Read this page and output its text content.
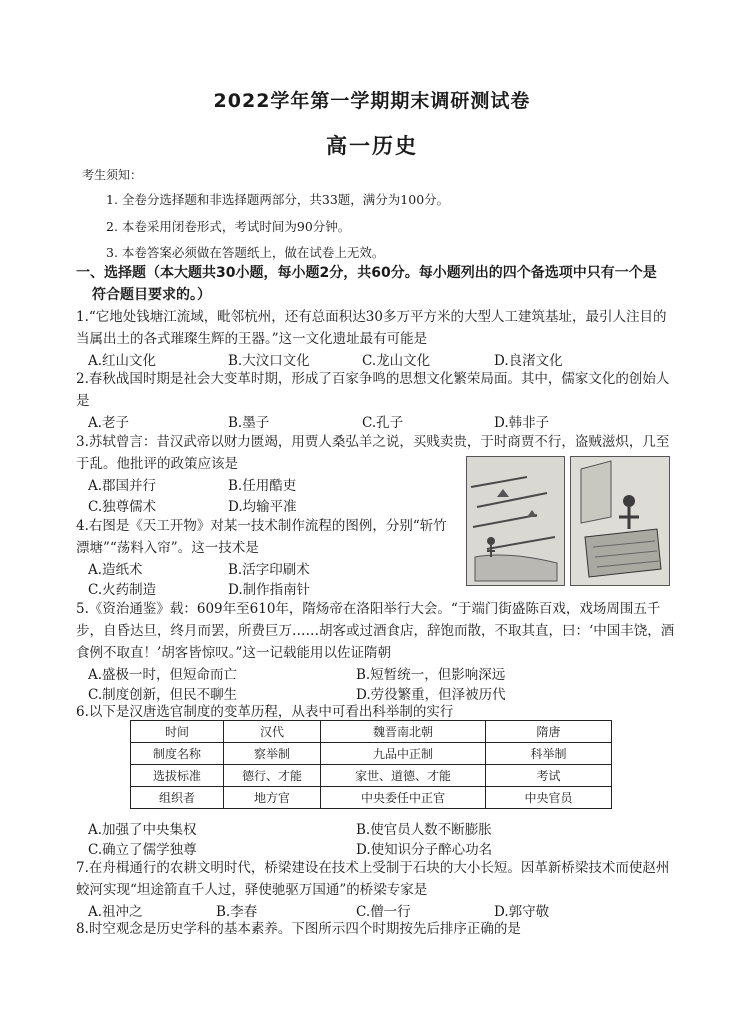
2022学年第一学期期末调研测试卷
高一历史
考生须知：
1. 全卷分选择题和非选择题两部分，共33题，满分为100分。
2. 本卷采用闭卷形式，考试时间为90分钟。
3. 本卷答案必须做在答题纸上，做在试卷上无效。
一、选择题（本大题共30小题，每小题2分，共60分。每小题列出的四个备选项中只有一个是
符合题目要求的。）
1.“它地处钱塘江流域，毗邻杭州，还有总面积达30多万平方米的大型人工建筑基址，最引人注目的当属出土的各式璀璨生辉的王器。”这一文化遗址最有可能是
A.红山文化	B.大汶口文化	C.龙山文化	D.良渚文化
2.春秋战国时期是社会大变革时期，形成了百家争鸣的思想文化繁荣局面。其中，儒家文化的创始人是
A.老子	B.墨子	C.孔子	D.韩非子
3.苏轼曾言：昔汉武帝以财力匮竭，用贾人桑弘羊之说，买贱卖贵，于时商贾不行，盗贼滋炽，几至于乱。他批评的政策应该是
A.郡国并行	B.任用酷吏
C.独尊儒术	D.均输平准
4.右图是《天工开物》对某一技术制作流程的图例，分别“斩竹漂塘”“荡料入帘”。这一技术是
A.造纸术	B.活字印刷术
C.火药制造	D.制作指南针
5.《资治通鉴》载：609年至610年，隋炀帝在洛阳举行大会。“于端门街盛陈百戏，戏场周围五千步，自昏达旦，终月而罢，所费巨万……胡客或过酒食店，辞饱而散，不取其直，曰：‘中国丰饶，酒食例不取直！’胡客皆惊叹。”这一记载能用以佐证隋朝
A.盛极一时，但短命而亡	B.短暂统一，但影响深远
C.制度创新，但民不聊生	D.劳役繁重，但泽被历代
6.以下是汉唐选官制度的变革历程，从表中可看出科举制的实行
时间	汉代	魏晋南北朝	隋唐
制度名称	察举制	九品中正制	科举制
选拔标准	德行、才能	家世、道德、才能	考试
组织者	地方官	中央委任中正官	中央官员
A.加强了中央集权	B.使官员人数不断膨胀
C.确立了儒学独尊	D.使知识分子醉心功名
7.在舟楫通行的农耕文明时代，桥梁建设在技术上受制于石块的大小长短。因革新桥梁技术而使赵州蛟河实现“坦途箭直千人过，驿使驰驱万国通”的桥梁专家是
A.祖冲之	B.李春	C.僧一行	D.郭守敬
8.时空观念是历史学科的基本素养。下图所示四个时期按先后排序正确的是
